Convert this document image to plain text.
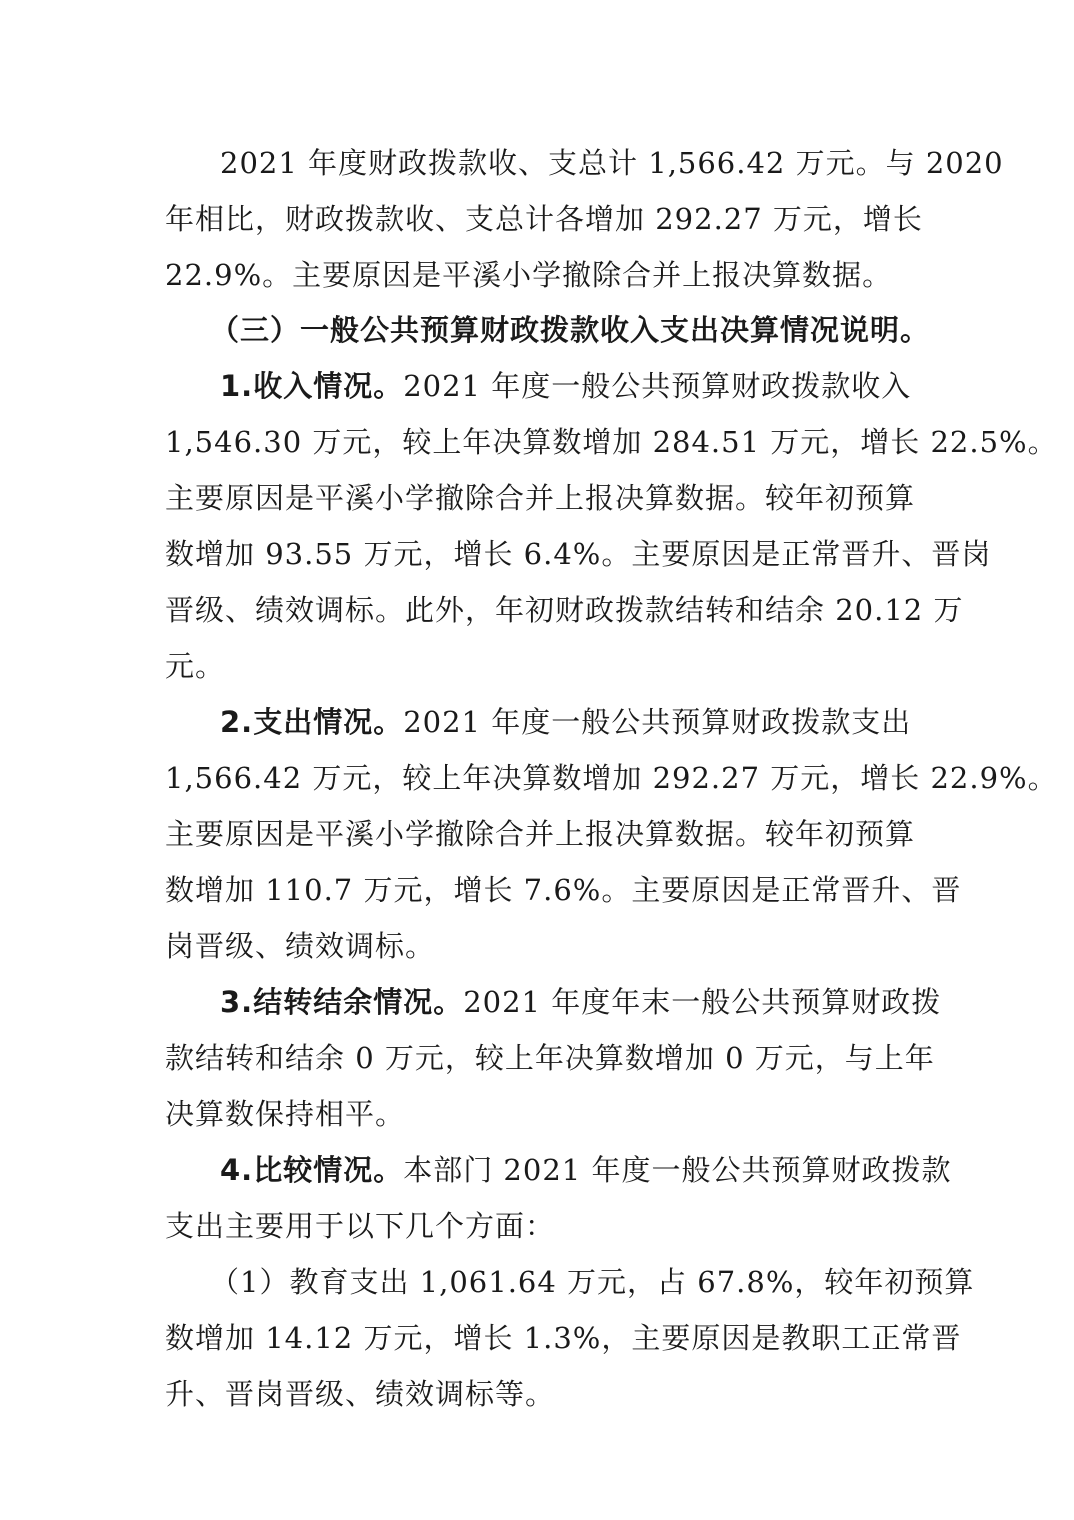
2021 年度财政拨款收、支总计 1,566.42 万元。与 2020
年相比，财政拨款收、支总计各增加 292.27 万元，增长
22.9%。主要原因是平溪小学撤除合并上报决算数据。
（三）一般公共预算财政拨款收入支出决算情况说明。
1.收入情况。2021 年度一般公共预算财政拨款收入
1,546.30 万元，较上年决算数增加 284.51 万元，增长 22.5%。
主要原因是平溪小学撤除合并上报决算数据。较年初预算
数增加 93.55 万元，增长 6.4%。主要原因是正常晋升、晋岗
晋级、绩效调标。此外，年初财政拨款结转和结余 20.12 万
元。
2.支出情况。2021 年度一般公共预算财政拨款支出
1,566.42 万元，较上年决算数增加 292.27 万元，增长 22.9%。
主要原因是平溪小学撤除合并上报决算数据。较年初预算
数增加 110.7 万元，增长 7.6%。主要原因是正常晋升、晋
岗晋级、绩效调标。
3.结转结余情况。2021 年度年末一般公共预算财政拨
款结转和结余 0 万元，较上年决算数增加 0 万元，与上年
决算数保持相平。
4.比较情况。本部门 2021 年度一般公共预算财政拨款
支出主要用于以下几个方面：
（1）教育支出 1,061.64 万元，占 67.8%，较年初预算
数增加 14.12 万元，增长 1.3%，主要原因是教职工正常晋
升、晋岗晋级、绩效调标等。
